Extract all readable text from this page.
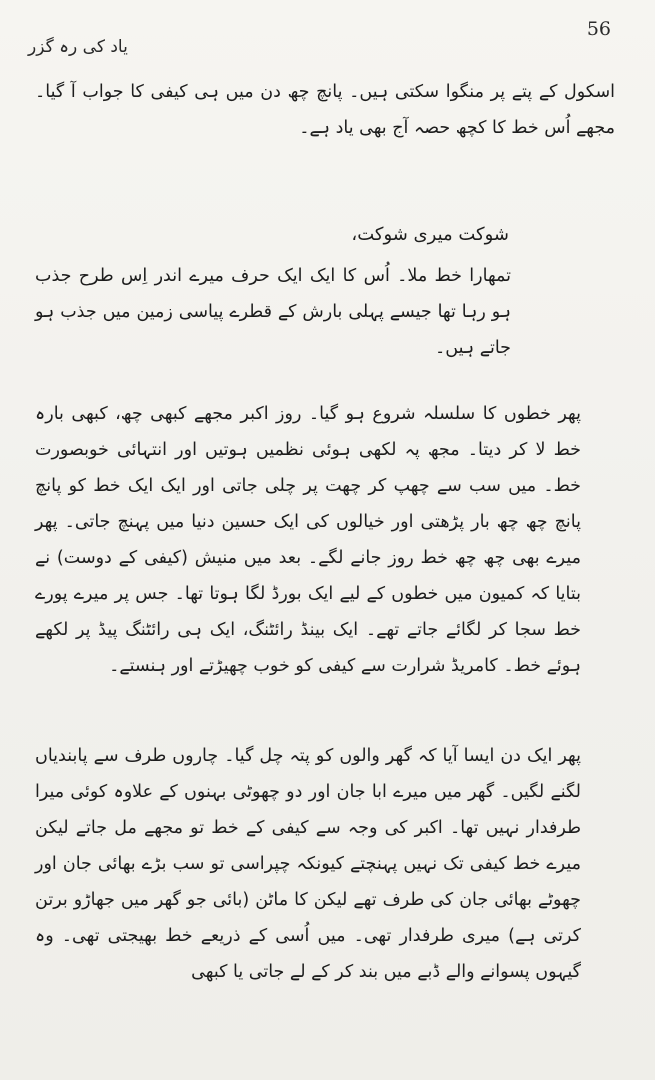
56
یاد کی رہ گزر

اسکول کے پتے پر منگوا سکتی ہیں۔ پانچ چھ دن میں ہی کیفی کا جواب آ گیا۔ مجھے اُس خط کا کچھ حصہ آج بھی یاد ہے۔

شوکت میری شوکت،

تمھارا خط ملا۔ اُس کا ایک ایک حرف میرے اندر اِس طرح جذب ہو رہا تھا جیسے پہلی بارش کے قطرے پیاسی زمین میں جذب ہو جاتے ہیں۔

پھر خطوں کا سلسلہ شروع ہو گیا۔ روز اکبر مجھے کبھی چھ، کبھی بارہ خط لا کر دیتا۔ مجھ پہ لکھی ہوئی نظمیں ہوتیں اور انتہائی خوبصورت خط۔ میں سب سے چھپ کر چھت پر چلی جاتی اور ایک ایک خط کو پانچ پانچ چھ چھ بار پڑھتی اور خیالوں کی ایک حسین دنیا میں پہنچ جاتی۔ پھر میرے بھی چھ چھ خط روز جانے لگے۔ بعد میں منیش (کیفی کے دوست) نے بتایا کہ کمیون میں خطوں کے لیے ایک بورڈ لگا ہوتا تھا۔ جس پر میرے پورے خط سجا کر لگائے جاتے تھے۔ ایک بینڈ رائٹنگ، ایک ہی رائٹنگ پیڈ پر لکھے ہوئے خط۔ کامریڈ شرارت سے کیفی کو خوب چھیڑتے اور ہنستے۔

پھر ایک دن ایسا آیا کہ گھر والوں کو پتہ چل گیا۔ چاروں طرف سے پابندیاں لگنے لگیں۔ گھر میں میرے ابا جان اور دو چھوٹی بہنوں کے علاوہ کوئی میرا طرفدار نہیں تھا۔ اکبر کی وجہ سے کیفی کے خط تو مجھے مل جاتے لیکن میرے خط کیفی تک نہیں پہنچتے کیونکہ چپراسی تو سب بڑے بھائی جان اور چھوٹے بھائی جان کی طرف تھے لیکن کا ماٹن (بائی جو گھر میں جھاڑو برتن کرتی ہے) میری طرفدار تھی۔ میں اُسی کے ذریعے خط بھیجتی تھی۔ وہ گیہوں پسوانے والے ڈبے میں بند کر کے لے جاتی یا کبھی
